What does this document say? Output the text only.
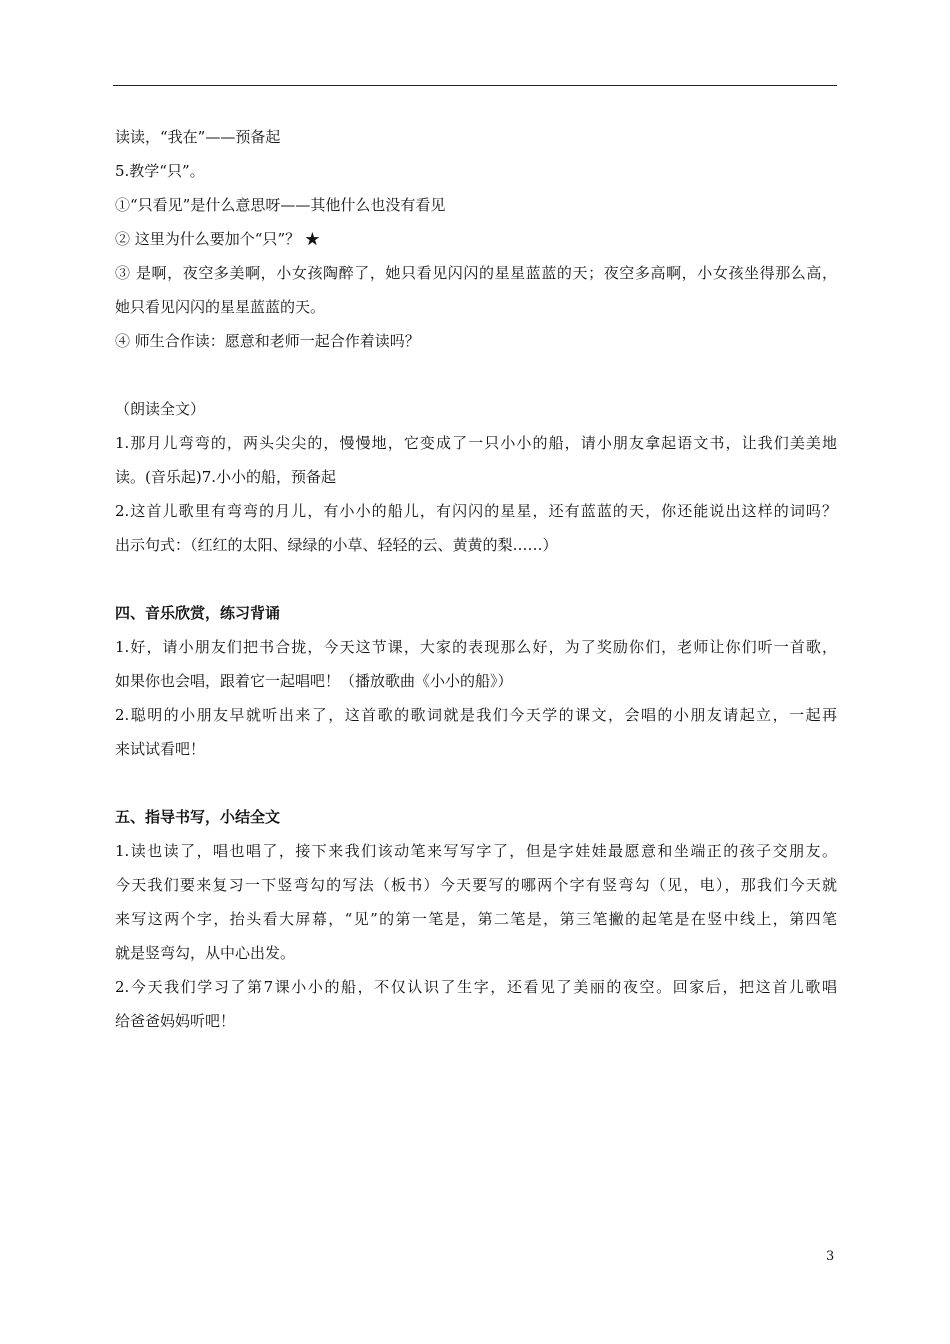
读读，“我在”——预备起
5.教学“只”。
①“只看见”是什么意思呀——其他什么也没有看见
② 这里为什么要加个“只”？ ★
③ 是啊，夜空多美啊，小女孩陶醉了，她只看见闪闪的星星蓝蓝的天；夜空多高啊，小女孩坐得那么高，
她只看见闪闪的星星蓝蓝的天。
④ 师生合作读：愿意和老师一起合作着读吗？
（朗读全文）
1.那月儿弯弯的，两头尖尖的，慢慢地，它变成了一只小小的船，请小朋友拿起语文书，让我们美美地
读。(音乐起)7.小小的船，预备起
2.这首儿歌里有弯弯的月儿，有小小的船儿，有闪闪的星星，还有蓝蓝的天，你还能说出这样的词吗？
出示句式：（红红的太阳、绿绿的小草、轻轻的云、黄黄的梨……）
四、音乐欣赏，练习背诵
1.好，请小朋友们把书合拢，今天这节课，大家的表现那么好，为了奖励你们，老师让你们听一首歌，
如果你也会唱，跟着它一起唱吧！（播放歌曲《小小的船》）
2.聪明的小朋友早就听出来了，这首歌的歌词就是我们今天学的课文，会唱的小朋友请起立，一起再
来试试看吧！
五、指导书写，小结全文
1.读也读了，唱也唱了，接下来我们该动笔来写写字了，但是字娃娃最愿意和坐端正的孩子交朋友。
今天我们要来复习一下竖弯勾的写法（板书）今天要写的哪两个字有竖弯勾（见，电），那我们今天就
来写这两个字，抬头看大屏幕，“见”的第一笔是，第二笔是，第三笔撇的起笔是在竖中线上，第四笔
就是竖弯勾，从中心出发。
2.今天我们学习了第7课小小的船，不仅认识了生字，还看见了美丽的夜空。回家后，把这首儿歌唱
给爸爸妈妈听吧！
3
